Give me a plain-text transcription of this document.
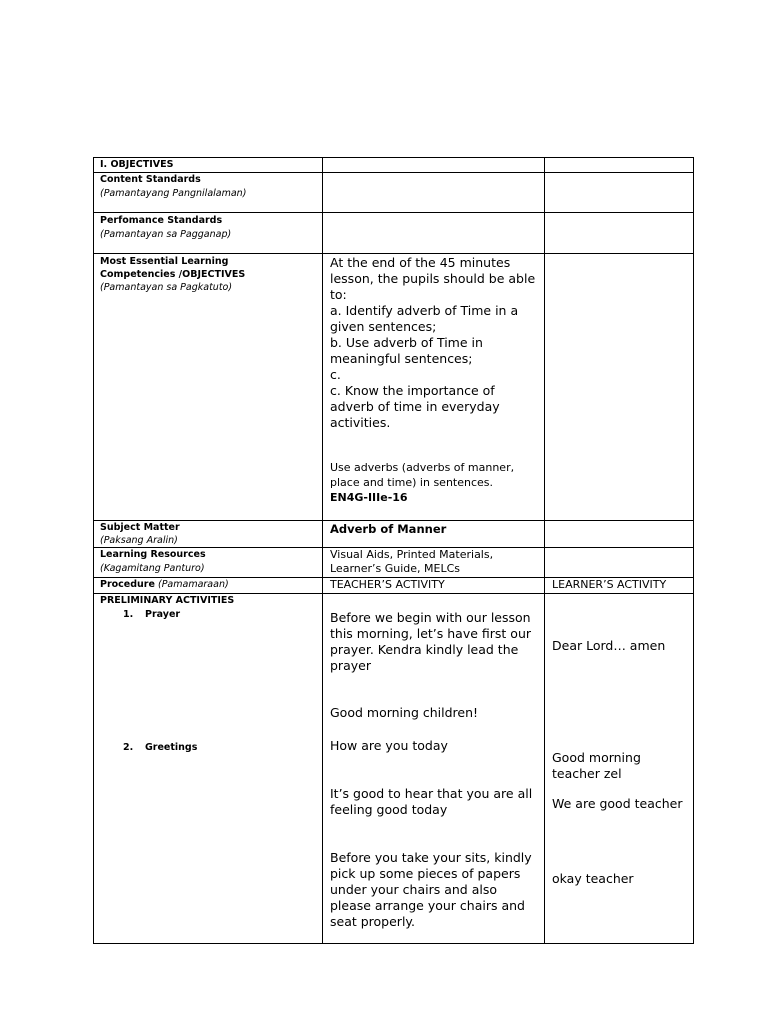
I. OBJECTIVES
Content Standards
(Pamantayang Pangnilalaman)
Perfomance Standards
(Pamantayan sa Pagganap)
Most Essential Learning
Competencies /OBJECTIVES
(Pamantayan sa Pagkatuto)
At the end of the 45 minutes
lesson, the pupils should be able
to:
a. Identify adverb of Time in a
given sentences;
b. Use adverb of Time in
meaningful sentences;
c.
c. Know the importance of
adverb of time in everyday
activities.
Use adverbs (adverbs of manner,
place and time) in sentences.
EN4G-IIIe-16
Subject Matter
(Paksang Aralin)
Adverb of Manner
Learning Resources
(Kagamitang Panturo)
Visual Aids, Printed Materials,
Learner’s Guide, MELCs
Procedure (Pamamaraan)	TEACHER’S ACTIVITY	LEARNER’S ACTIVITY
PRELIMINARY ACTIVITIES
1. Prayer
2. Greetings
Before we begin with our lesson
this morning, let’s have first our
prayer. Kendra kindly lead the
prayer
Good morning children!
How are you today
It’s good to hear that you are all
feeling good today
Before you take your sits, kindly
pick up some pieces of papers
under your chairs and also
please arrange your chairs and
seat properly.
Dear Lord… amen
Good morning
teacher zel
We are good teacher
okay teacher
